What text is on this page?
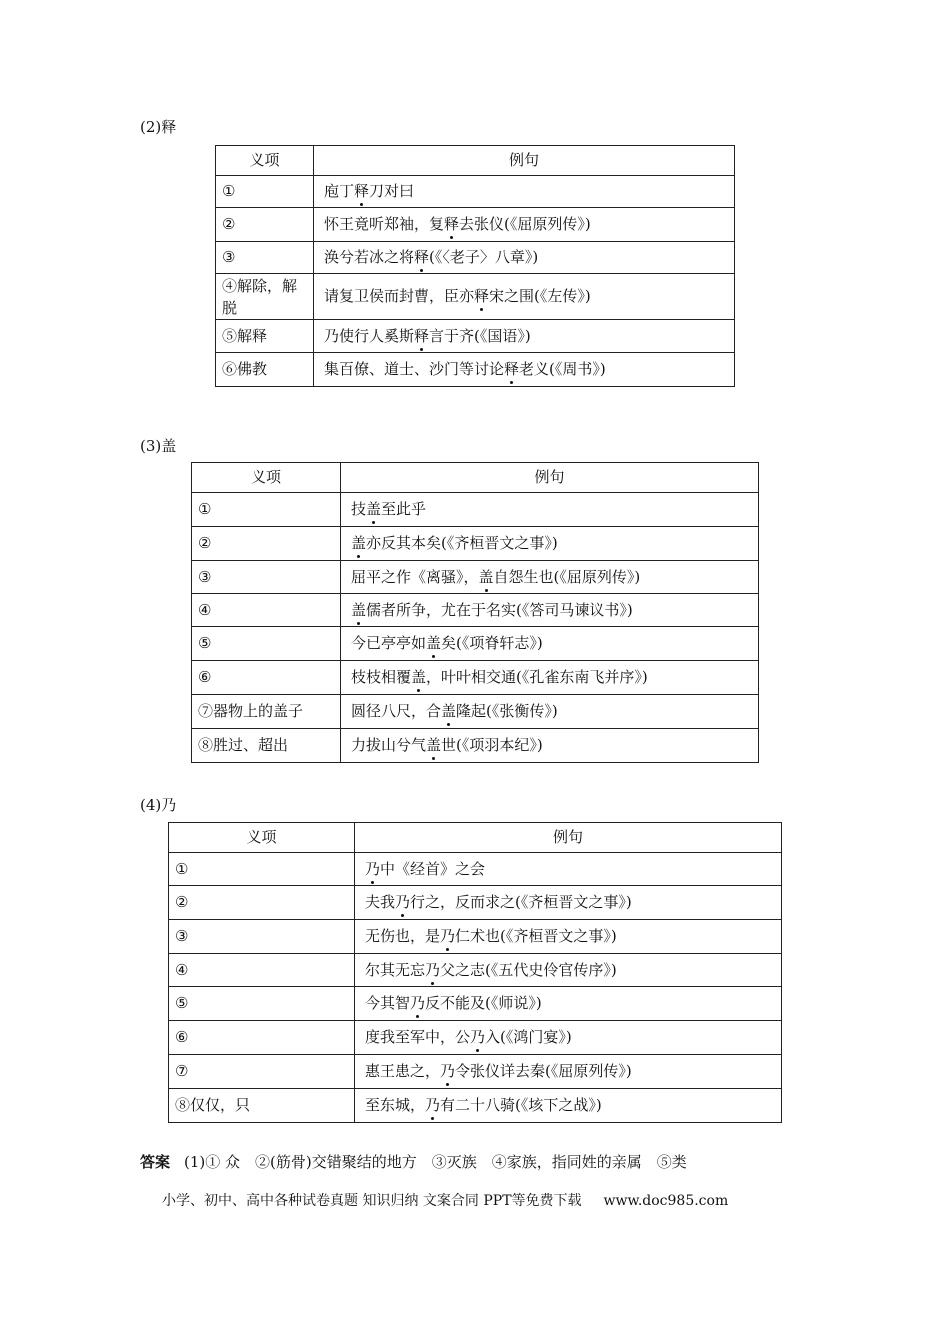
(2)释
义项	例句
①	庖丁释刀对曰
②	怀王竟听郑袖，复释去张仪(《屈原列传》)
③	涣兮若冰之将释(《〈老子〉八章》)
④解除，解脱	请复卫侯而封曹，臣亦释宋之围(《左传》)
⑤解释	乃使行人奚斯释言于齐(《国语》)
⑥佛教	集百僚、道士、沙门等讨论释老义(《周书》)
(3)盖
义项	例句
①	技盖至此乎
②	盖亦反其本矣(《齐桓晋文之事》)
③	屈平之作《离骚》，盖自怨生也(《屈原列传》)
④	盖儒者所争，尤在于名实(《答司马谏议书》)
⑤	今已亭亭如盖矣(《项脊轩志》)
⑥	枝枝相覆盖，叶叶相交通(《孔雀东南飞并序》)
⑦器物上的盖子	圆径八尺，合盖隆起(《张衡传》)
⑧胜过、超出	力拔山兮气盖世(《项羽本纪》)
(4)乃
义项	例句
①	乃中《经首》之会
②	夫我乃行之，反而求之(《齐桓晋文之事》)
③	无伤也，是乃仁术也(《齐桓晋文之事》)
④	尔其无忘乃父之志(《五代史伶官传序》)
⑤	今其智乃反不能及(《师说》)
⑥	度我至军中，公乃入(《鸿门宴》)
⑦	惠王患之，乃令张仪详去秦(《屈原列传》)
⑧仅仅，只	至东城，乃有二十八骑(《垓下之战》)
答案 (1)① 众　②(筋骨)交错聚结的地方　③灭族　④家族，指同姓的亲属　⑤类
小学、初中、高中各种试卷真题 知识归纳 文案合同 PPT等免费下载 www.doc985.com
